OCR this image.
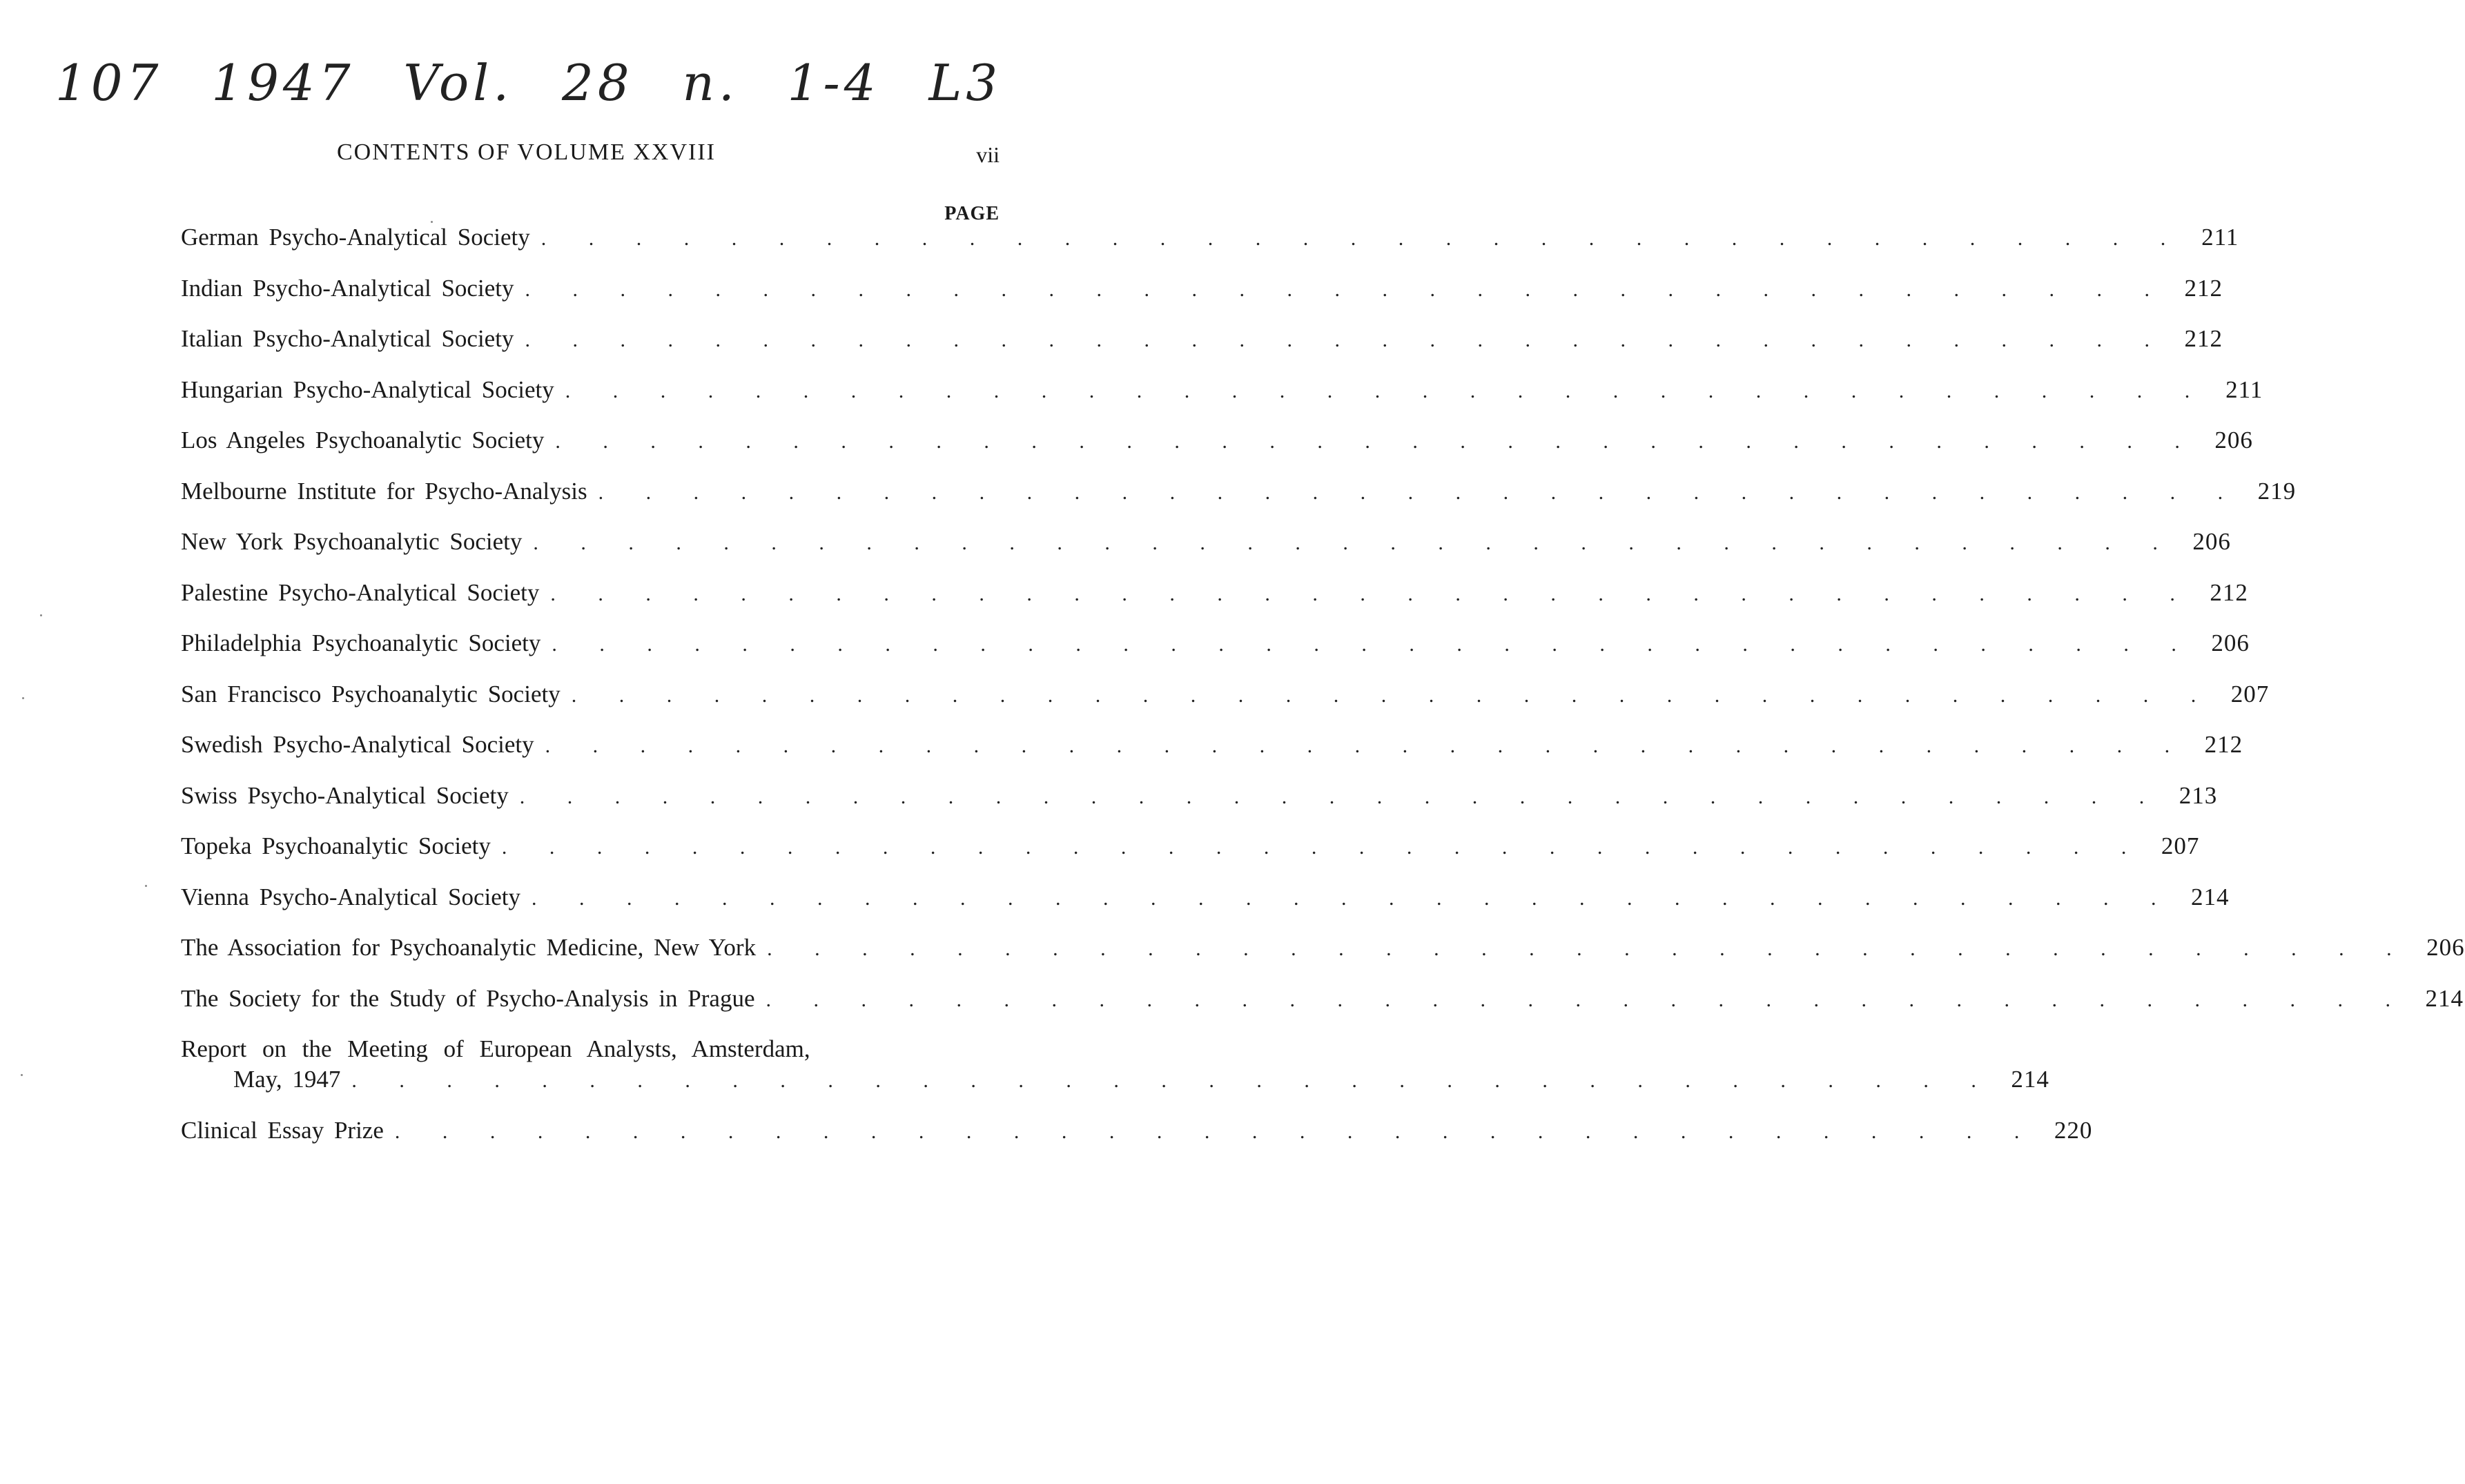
107 1947 Vol. 28 n. 1-4 L3
CONTENTS OF VOLUME XXVIII	vii
PAGE
German Psycho-Analytical Society . . . . . . . . . . . . . . . . . . . . . . . . . . . . . . . . . . . 211
Indian Psycho-Analytical Society . . . . . . . . . . . . . . . . . . . . . . . . . . . . . . . . . . . 212
Italian Psycho-Analytical Society . . . . . . . . . . . . . . . . . . . . . . . . . . . . . . . . . . . 212
Hungarian Psycho-Analytical Society . . . . . . . . . . . . . . . . . . . . . . . . . . . . . . . . . . . 211
Los Angeles Psychoanalytic Society . . . . . . . . . . . . . . . . . . . . . . . . . . . . . . . . . . . 206
Melbourne Institute for Psycho-Analysis . . . . . . . . . . . . . . . . . . . . . . . . . . . . . . . . . . . 219
New York Psychoanalytic Society . . . . . . . . . . . . . . . . . . . . . . . . . . . . . . . . . . . 206
Palestine Psycho-Analytical Society . . . . . . . . . . . . . . . . . . . . . . . . . . . . . . . . . . . 212
Philadelphia Psychoanalytic Society . . . . . . . . . . . . . . . . . . . . . . . . . . . . . . . . . . . 206
San Francisco Psychoanalytic Society . . . . . . . . . . . . . . . . . . . . . . . . . . . . . . . . . . . 207
Swedish Psycho-Analytical Society . . . . . . . . . . . . . . . . . . . . . . . . . . . . . . . . . . . 212
Swiss Psycho-Analytical Society . . . . . . . . . . . . . . . . . . . . . . . . . . . . . . . . . . . 213
Topeka Psychoanalytic Society . . . . . . . . . . . . . . . . . . . . . . . . . . . . . . . . . . . 207
Vienna Psycho-Analytical Society . . . . . . . . . . . . . . . . . . . . . . . . . . . . . . . . . . . 214
The Association for Psychoanalytic Medicine, New York . . . . . . . . . . . . . . . . . . . . . . . . . . . . . . . . . . . 206
The Society for the Study of Psycho-Analysis in Prague . . . . . . . . . . . . . . . . . . . . . . . . . . . . . . . . . . . 214
Report on the Meeting of European Analysts, Amsterdam,
May, 1947 . . . . . . . . . . . . . . . . . . . . . . . . . . . . . . . . . . . 214
Clinical Essay Prize . . . . . . . . . . . . . . . . . . . . . . . . . . . . . . . . . . . 220
